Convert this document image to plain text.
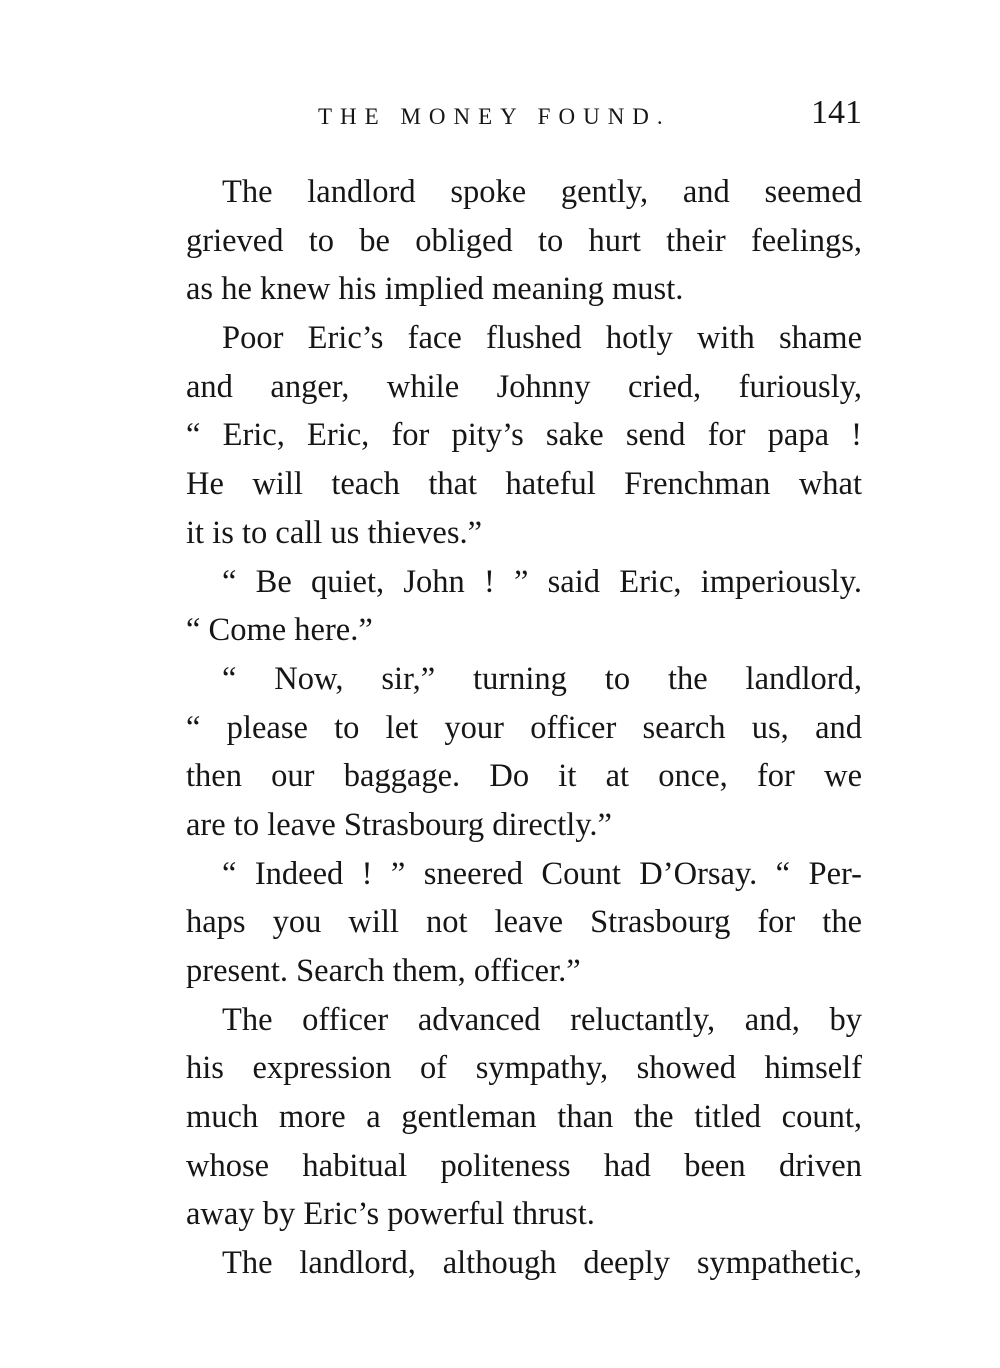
THE MONEY FOUND.	141
The landlord spoke gently, and seemed
grieved to be obliged to hurt their feelings,
as he knew his implied meaning must.
Poor Eric’s face flushed hotly with shame
and anger, while Johnny cried, furiously,
“ Eric, Eric, for pity’s sake send for papa !
He will teach that hateful Frenchman what
it is to call us thieves.”
“ Be quiet, John ! ” said Eric, imperiously.
“ Come here.”
“ Now, sir,” turning to the landlord,
“ please to let your officer search us, and
then our baggage. Do it at once, for we
are to leave Strasbourg directly.”
“ Indeed ! ” sneered Count D’Orsay. “ Per-
haps you will not leave Strasbourg for the
present. Search them, officer.”
The officer advanced reluctantly, and, by
his expression of sympathy, showed himself
much more a gentleman than the titled count,
whose habitual politeness had been driven
away by Eric’s powerful thrust.
The landlord, although deeply sympathetic,
